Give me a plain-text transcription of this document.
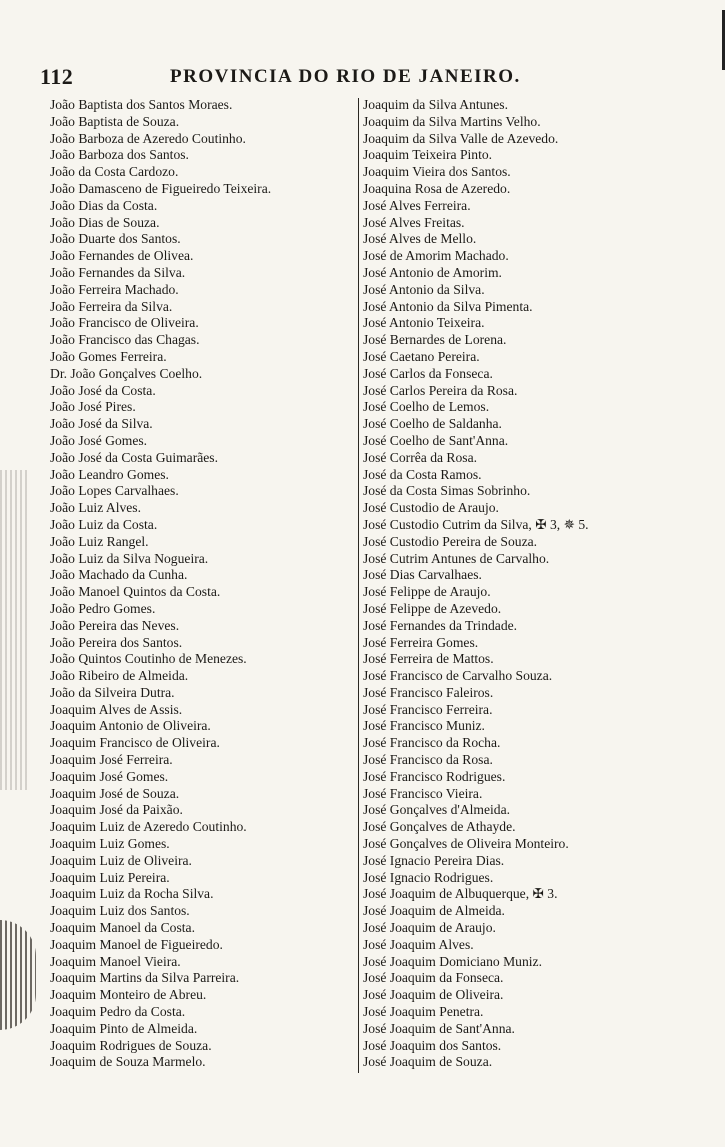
112	PROVINCIA DO RIO DE JANEIRO.
João Baptista dos Santos Moraes.
João Baptista de Souza.
João Barboza de Azeredo Coutinho.
João Barboza dos Santos.
João da Costa Cardozo.
João Damasceno de Figueiredo Teixeira.
João Dias da Costa.
João Dias de Souza.
João Duarte dos Santos.
João Fernandes de Olivea.
João Fernandes da Silva.
João Ferreira Machado.
João Ferreira da Silva.
João Francisco de Oliveira.
João Francisco das Chagas.
João Gomes Ferreira.
Dr. João Gonçalves Coelho.
João José da Costa.
João José Pires.
João José da Silva.
João José Gomes.
João José da Costa Guimarães.
João Leandro Gomes.
João Lopes Carvalhaes.
João Luiz Alves.
João Luiz da Costa.
João Luiz Rangel.
João Luiz da Silva Nogueira.
João Machado da Cunha.
João Manoel Quintos da Costa.
João Pedro Gomes.
João Pereira das Neves.
João Pereira dos Santos.
João Quintos Coutinho de Menezes.
João Ribeiro de Almeida.
João da Silveira Dutra.
Joaquim Alves de Assis.
Joaquim Antonio de Oliveira.
Joaquim Francisco de Oliveira.
Joaquim José Ferreira.
Joaquim José Gomes.
Joaquim José de Souza.
Joaquim José da Paixão.
Joaquim Luiz de Azeredo Coutinho.
Joaquim Luiz Gomes.
Joaquim Luiz de Oliveira.
Joaquim Luiz Pereira.
Joaquim Luiz da Rocha Silva.
Joaquim Luiz dos Santos.
Joaquim Manoel da Costa.
Joaquim Manoel de Figueiredo.
Joaquim Manoel Vieira.
Joaquim Martins da Silva Parreira.
Joaquim Monteiro de Abreu.
Joaquim Pedro da Costa.
Joaquim Pinto de Almeida.
Joaquim Rodrigues de Souza.
Joaquim de Souza Marmelo.
Joaquim da Silva Antunes.
Joaquim da Silva Martins Velho.
Joaquim da Silva Valle de Azevedo.
Joaquim Teixeira Pinto.
Joaquim Vieira dos Santos.
Joaquina Rosa de Azeredo.
José Alves Ferreira.
José Alves Freitas.
José Alves de Mello.
José de Amorim Machado.
José Antonio de Amorim.
José Antonio da Silva.
José Antonio da Silva Pimenta.
José Antonio Teixeira.
José Bernardes de Lorena.
José Caetano Pereira.
José Carlos da Fonseca.
José Carlos Pereira da Rosa.
José Coelho de Lemos.
José Coelho de Saldanha.
José Coelho de Sant'Anna.
José Corrêa da Rosa.
José da Costa Ramos.
José da Costa Simas Sobrinho.
José Custodio de Araujo.
José Custodio Cutrim da Silva, ✠ 3, ✵ 5.
José Custodio Pereira de Souza.
José Cutrim Antunes de Carvalho.
José Dias Carvalhaes.
José Felippe de Araujo.
José Felippe de Azevedo.
José Fernandes da Trindade.
José Ferreira Gomes.
José Ferreira de Mattos.
José Francisco de Carvalho Souza.
José Francisco Faleiros.
José Francisco Ferreira.
José Francisco Muniz.
José Francisco da Rocha.
José Francisco da Rosa.
José Francisco Rodrigues.
José Francisco Vieira.
José Gonçalves d'Almeida.
José Gonçalves de Athayde.
José Gonçalves de Oliveira Monteiro.
José Ignacio Pereira Dias.
José Ignacio Rodrigues.
José Joaquim de Albuquerque, ✠ 3.
José Joaquim de Almeida.
José Joaquim de Araujo.
José Joaquim Alves.
José Joaquim Domiciano Muniz.
José Joaquim da Fonseca.
José Joaquim de Oliveira.
José Joaquim Penetra.
José Joaquim de Sant'Anna.
José Joaquim dos Santos.
José Joaquim de Souza.
